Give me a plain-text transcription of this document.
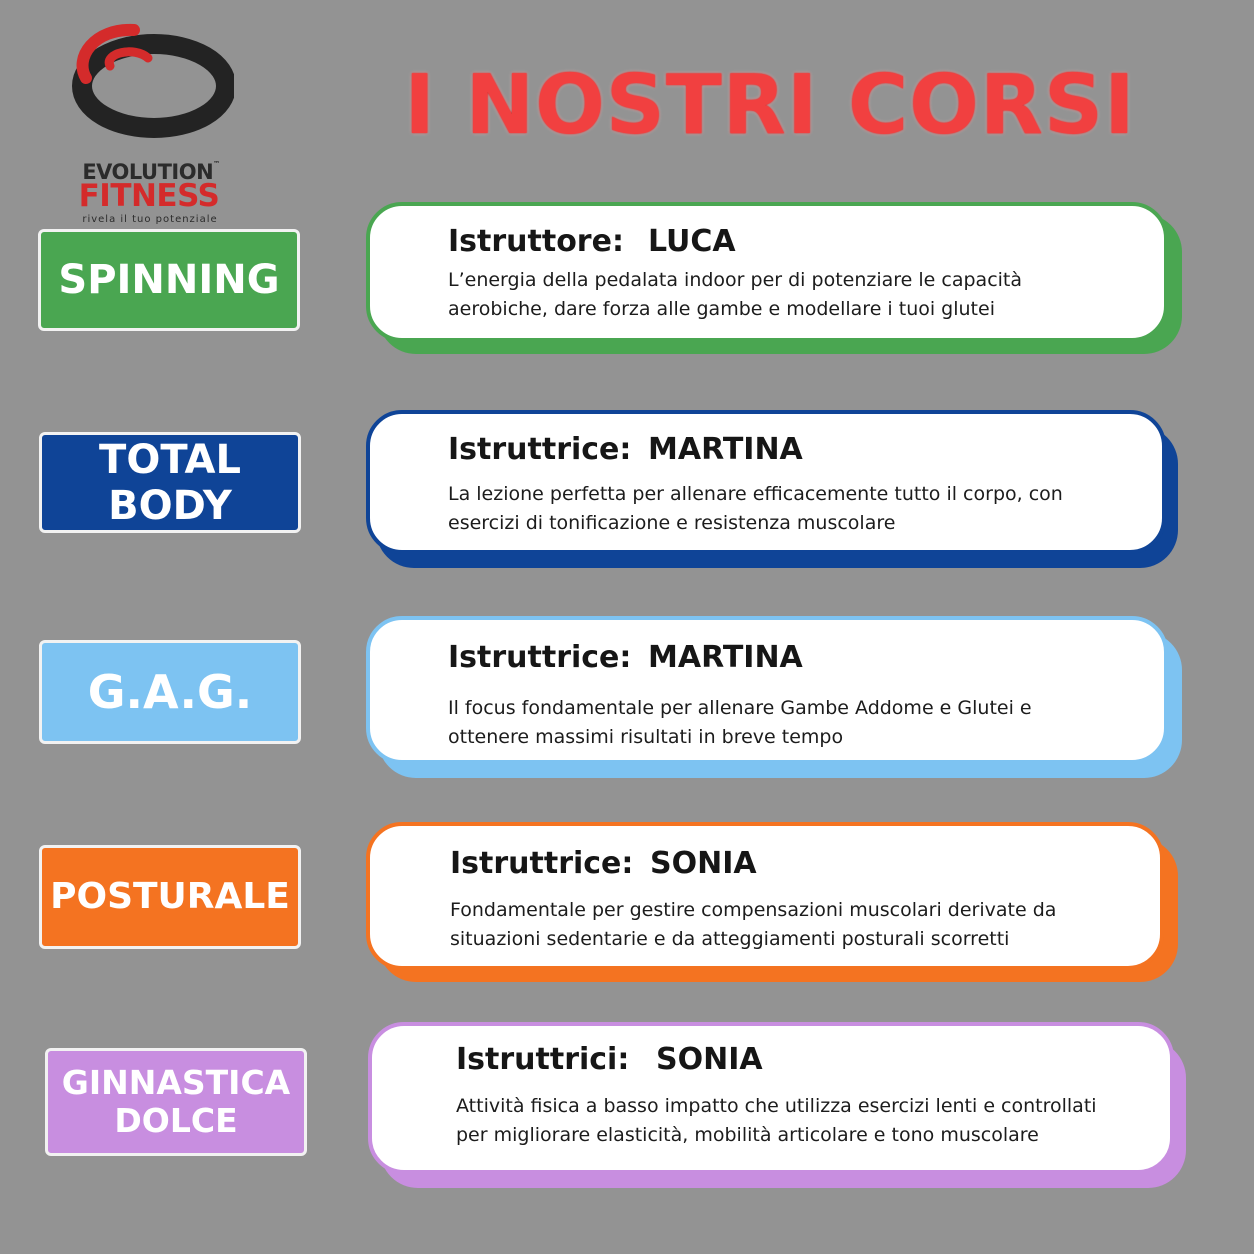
EVOLUTION™
FITNESS
rivela il tuo potenziale
I NOSTRI CORSI
SPINNING
Istruttore: LUCA
L’energia della pedalata indoor per di potenziare le capacità
aerobiche, dare forza alle gambe e modellare i tuoi glutei
TOTAL
BODY
Istruttrice: MARTINA
La lezione perfetta per allenare efficacemente tutto il corpo, con
esercizi di tonificazione e resistenza muscolare
G.A.G.
Istruttrice: MARTINA
Il focus fondamentale per allenare Gambe Addome e Glutei e
ottenere massimi risultati in breve tempo
POSTURALE
Istruttrice: SONIA
Fondamentale per gestire compensazioni muscolari derivate da
situazioni sedentarie e da atteggiamenti posturali scorretti
GINNASTICA
DOLCE
Istruttrici: SONIA
Attività fisica a basso impatto che utilizza esercizi lenti e controllati
per migliorare elasticità, mobilità articolare e tono muscolare
